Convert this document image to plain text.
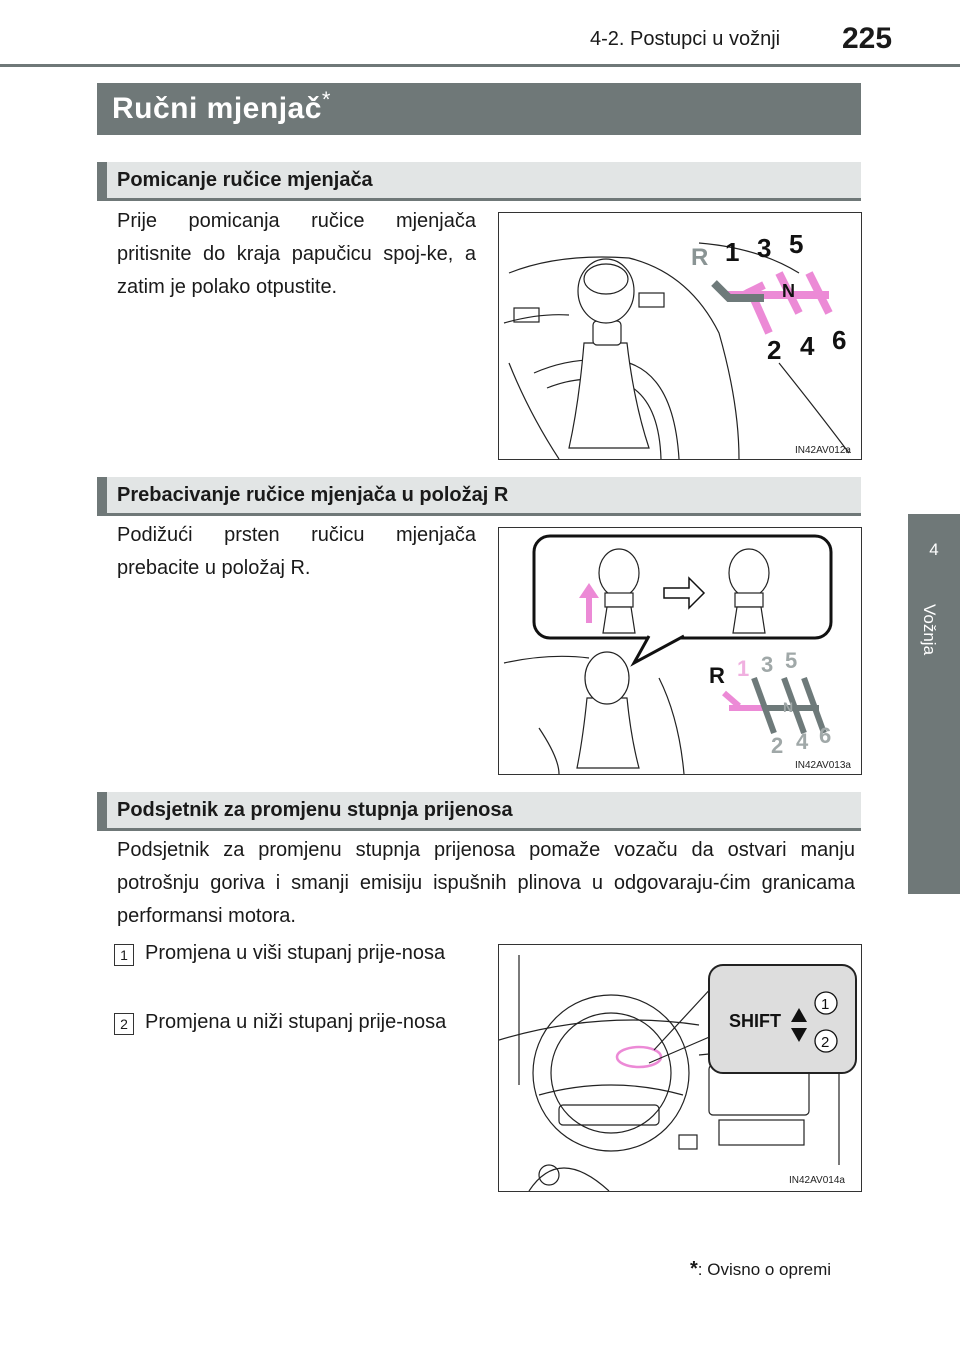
4-2. Postupci u vožnji 225
4
Vožnja
Ručni mjenjač*
Pomicanje ručice mjenjača
Prije pomicanja ručice mjenjača pritisnite do kraja papučicu spoj-ke, a zatim je polako otpustite.
R 1 3 5
N
2 4 6
IN42AV012a
Prebacivanje ručice mjenjača u položaj R
Podižući prsten ručicu mjenjača prebacite u položaj R.
R 1 3 5
N
2 4 6
IN42AV013a
Podsjetnik za promjenu stupnja prijenosa
Podsjetnik za promjenu stupnja prijenosa pomaže vozaču da ostvari manju potrošnju goriva i smanji emisiju ispušnih plinova u odgovaraju-ćim granicama performansi motora.
1 Promjena u viši stupanj prije-nosa
2 Promjena u niži stupanj prije-nosa	SHIFT
1
2
IN42AV014a
*: Ovisno o opremi
